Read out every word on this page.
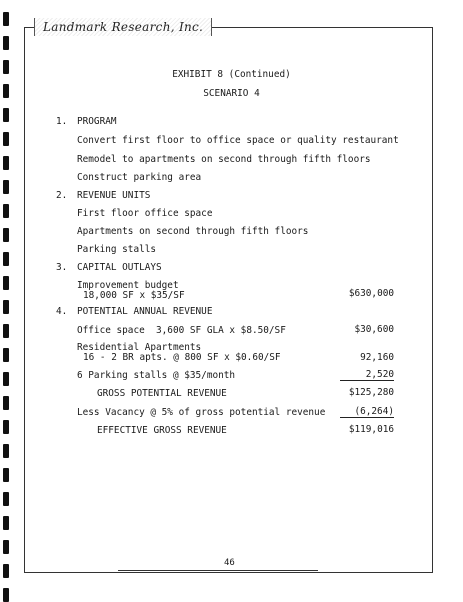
Landmark Research, Inc.
EXHIBIT 8 (Continued)
SCENARIO 4
1. PROGRAM
Convert first floor to office space or quality restaurant
Remodel to apartments on second through fifth floors
Construct parking area
2. REVENUE UNITS
First floor office space
Apartments on second through fifth floors
Parking stalls
3. CAPITAL OUTLAYS
Improvement budget
18,000 SF x $35/SF	$630,000
4. POTENTIAL ANNUAL REVENUE
Office space  3,600 SF GLA x $8.50/SF	$30,600
Residential Apartments
16 - 2 BR apts. @ 800 SF x $0.60/SF	92,160
6 Parking stalls @ $35/month	2,520
GROSS POTENTIAL REVENUE	$125,280
Less Vacancy @ 5% of gross potential revenue	(6,264)
EFFECTIVE GROSS REVENUE	$119,016
46
